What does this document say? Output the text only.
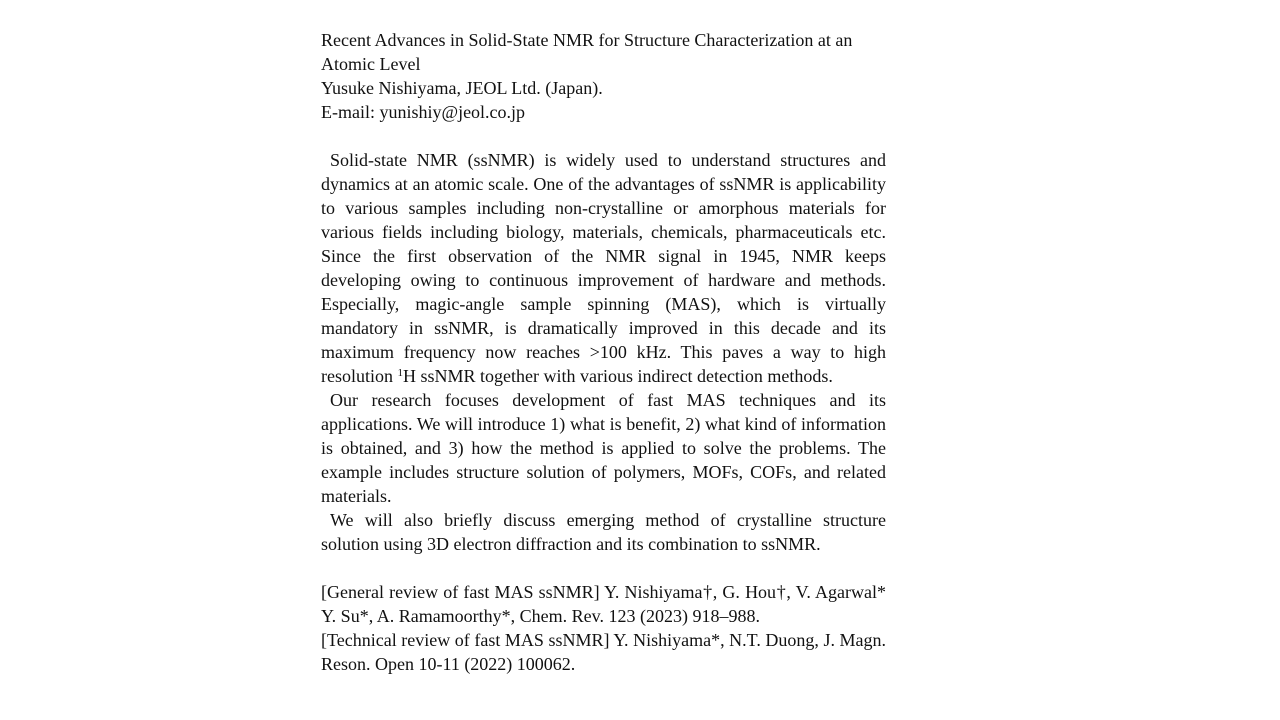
Recent Advances in Solid-State NMR for Structure Characterization at an Atomic Level

Yusuke Nishiyama, JEOL Ltd. (Japan).

E-mail: yunishiy@jeol.co.jp

Solid-state NMR (ssNMR) is widely used to understand structures and dynamics at an atomic scale. One of the advantages of ssNMR is applicability to various samples including non-crystalline or amorphous materials for various fields including biology, materials, chemicals, pharmaceuticals etc. Since the first observation of the NMR signal in 1945, NMR keeps developing owing to continuous improvement of hardware and methods. Especially, magic-angle sample spinning (MAS), which is virtually mandatory in ssNMR, is dramatically improved in this decade and its maximum frequency now reaches >100 kHz. This paves a way to high resolution $^1$H ssNMR together with various indirect detection methods.

Our research focuses development of fast MAS techniques and its applications. We will introduce 1) what is benefit, 2) what kind of information is obtained, and 3) how the method is applied to solve the problems. The example includes structure solution of polymers, MOFs, COFs, and related materials.

We will also briefly discuss emerging method of crystalline structure solution using 3D electron diffraction and its combination to ssNMR.

[General review of fast MAS ssNMR] Y. Nishiyama†, G. Hou†, V. Agarwal* Y. Su*, A. Ramamoorthy*, Chem. Rev. 123 (2023) 918–988.

[Technical review of fast MAS ssNMR] Y. Nishiyama*, N.T. Duong, J. Magn. Reson. Open 10-11 (2022) 100062.
